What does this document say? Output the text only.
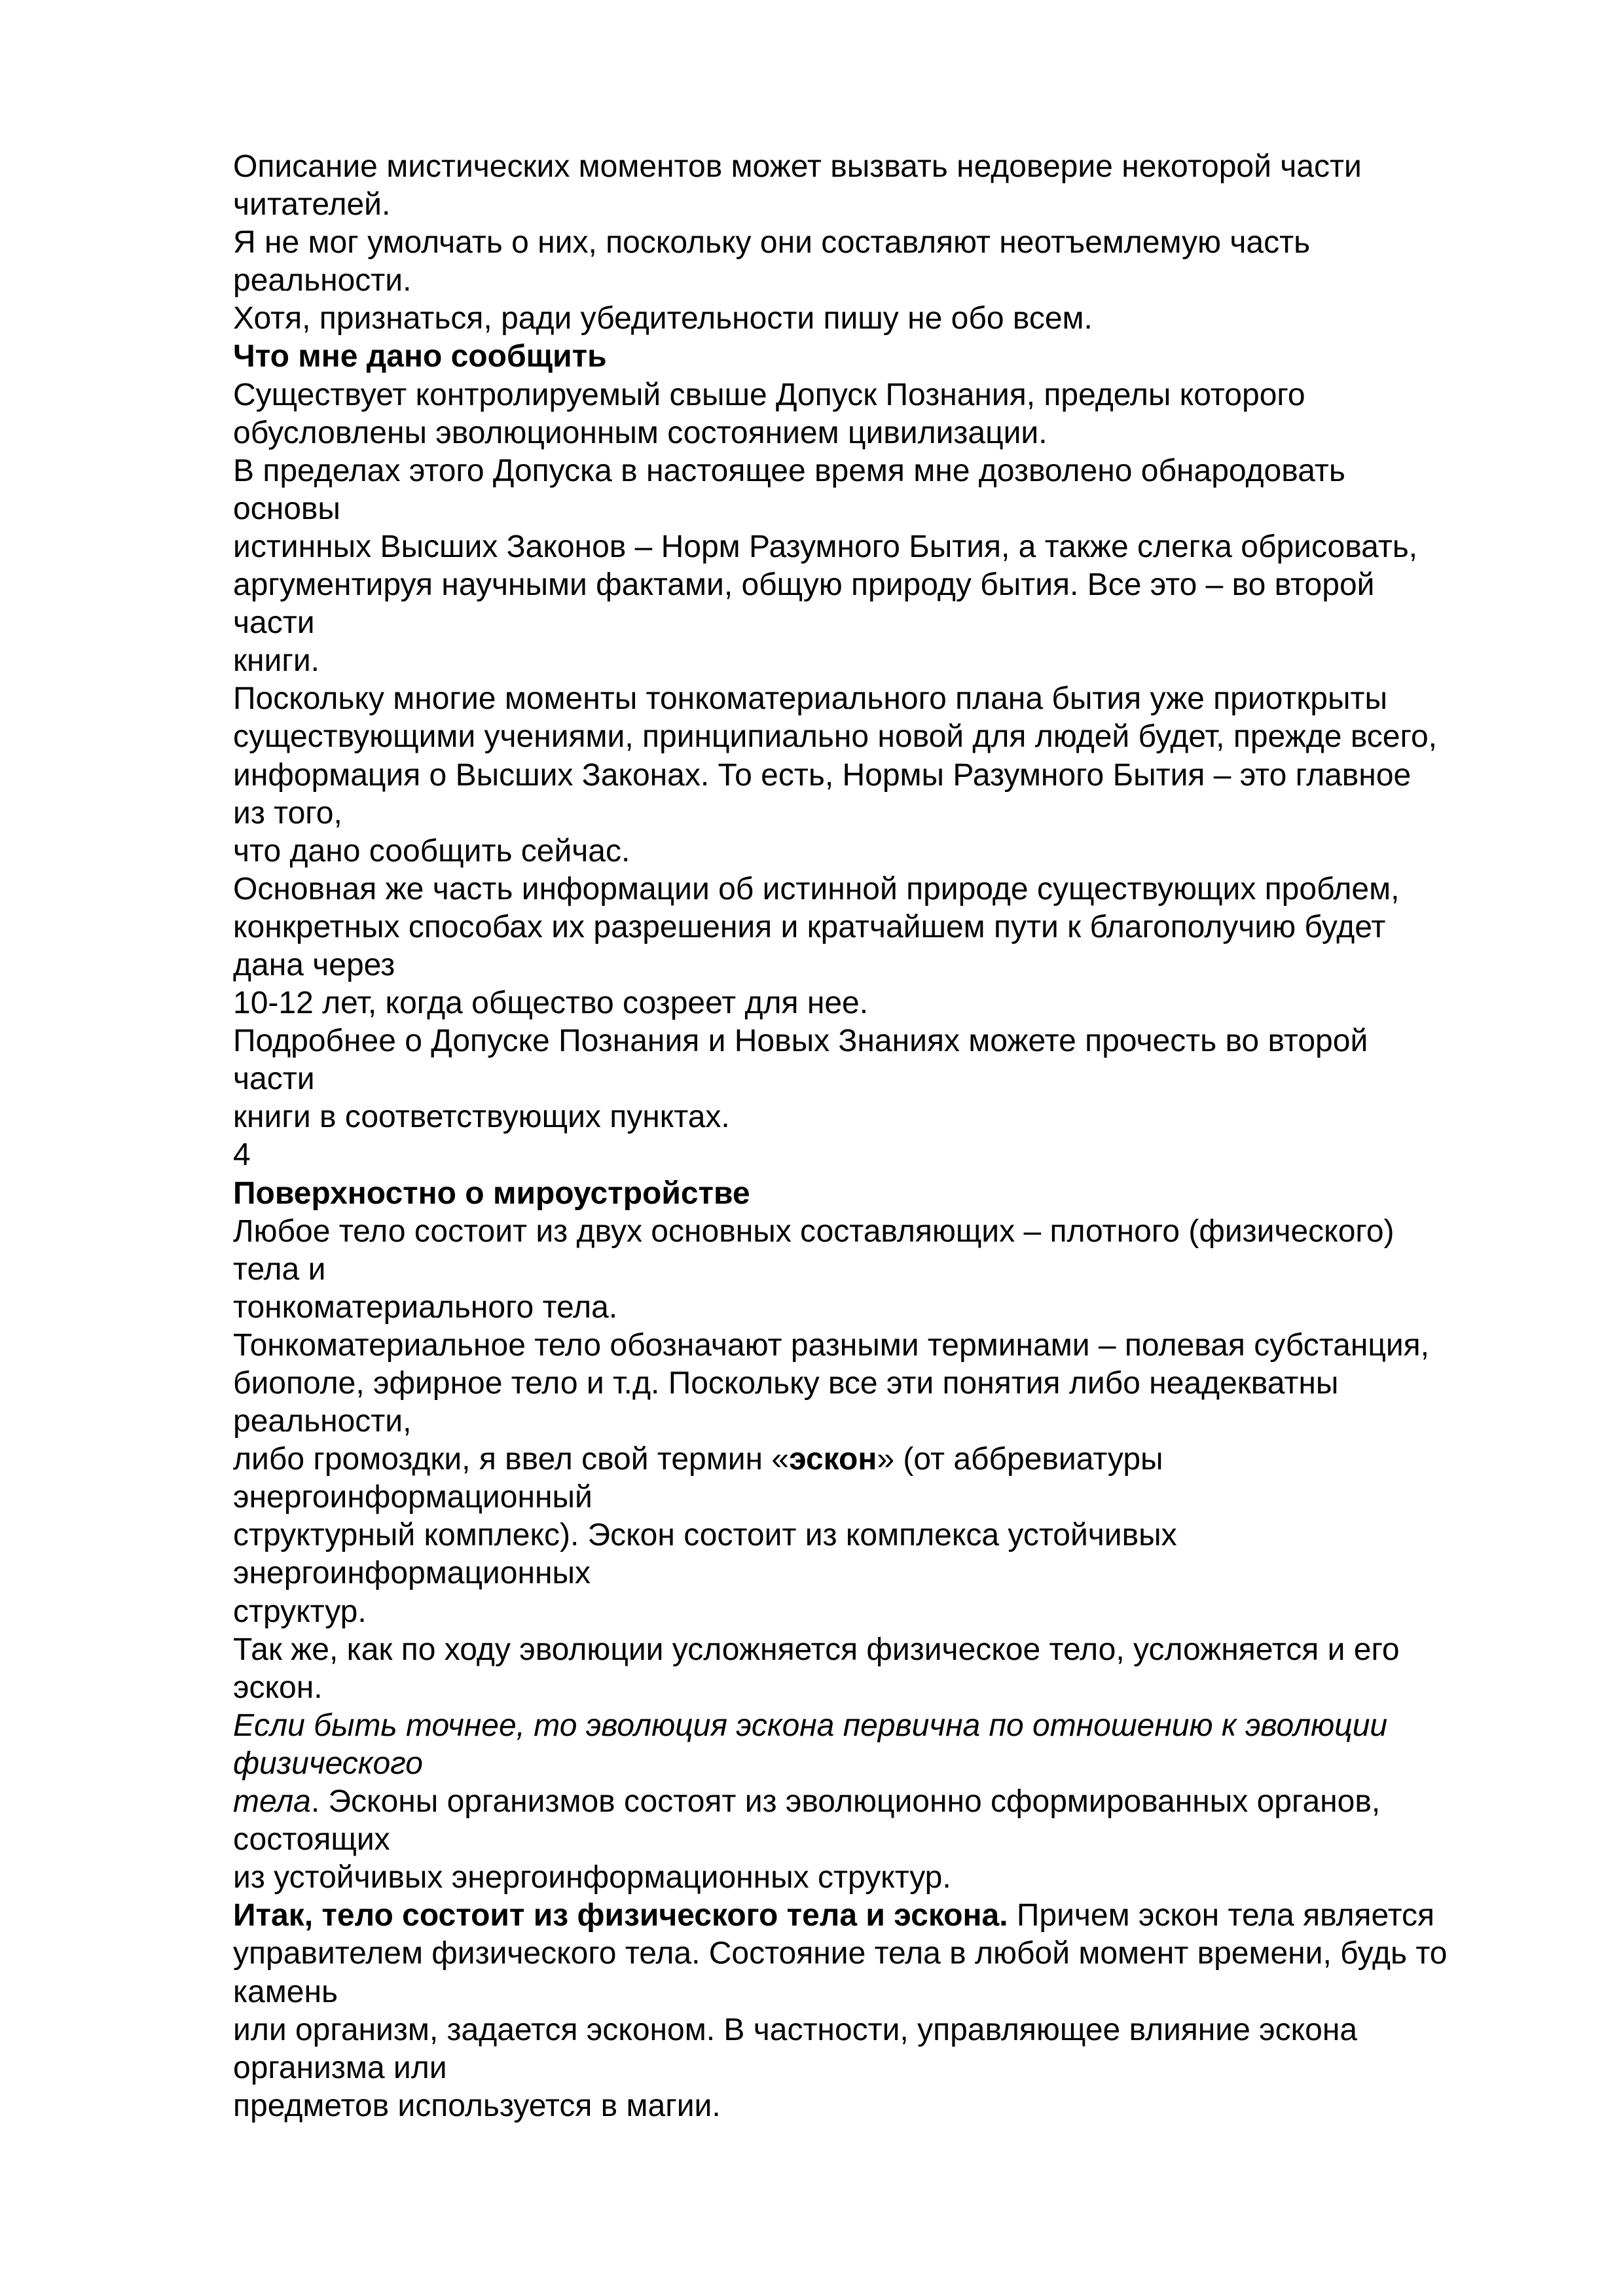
Описание мистических моментов может вызвать недоверие некоторой части
читателей.
Я не мог умолчать о них, поскольку они составляют неотъемлемую часть
реальности.
Хотя, признаться, ради убедительности пишу не обо всем.
Что мне дано сообщить
Существует контролируемый свыше Допуск Познания, пределы которого
обусловлены эволюционным состоянием цивилизации.
В пределах этого Допуска в настоящее время мне дозволено обнародовать
основы
истинных Высших Законов – Норм Разумного Бытия, а также слегка обрисовать,
аргументируя научными фактами, общую природу бытия. Все это – во второй
части
книги.
Поскольку многие моменты тонкоматериального плана бытия уже приоткрыты
существующими учениями, принципиально новой для людей будет, прежде всего,
информация о Высших Законах. То есть, Нормы Разумного Бытия – это главное
из того,
что дано сообщить сейчас.
Основная же часть информации об истинной природе существующих проблем,
конкретных способах их разрешения и кратчайшем пути к благополучию будет
дана через
10-12 лет, когда общество созреет для нее.
Подробнее о Допуске Познания и Новых Знаниях можете прочесть во второй
части
книги в соответствующих пунктах.
4
Поверхностно о мироустройстве
Любое тело состоит из двух основных составляющих – плотного (физического)
тела и
тонкоматериального тела.
Тонкоматериальное тело обозначают разными терминами – полевая субстанция,
биополе, эфирное тело и т.д. Поскольку все эти понятия либо неадекватны
реальности,
либо громоздки, я ввел свой термин «эскон» (от аббревиатуры
энергоинформационный
структурный комплекс). Эскон состоит из комплекса устойчивых
энергоинформационных
структур.
Так же, как по ходу эволюции усложняется физическое тело, усложняется и его
эскон.
Если быть точнее, то эволюция эскона первична по отношению к эволюции
физического
тела. Эсконы организмов состоят из эволюционно сформированных органов,
состоящих
из устойчивых энергоинформационных структур.
Итак, тело состоит из физического тела и эскона. Причем эскон тела является
управителем физического тела. Состояние тела в любой момент времени, будь то
камень
или организм, задается эсконом. В частности, управляющее влияние эскона
организма или
предметов используется в магии.
